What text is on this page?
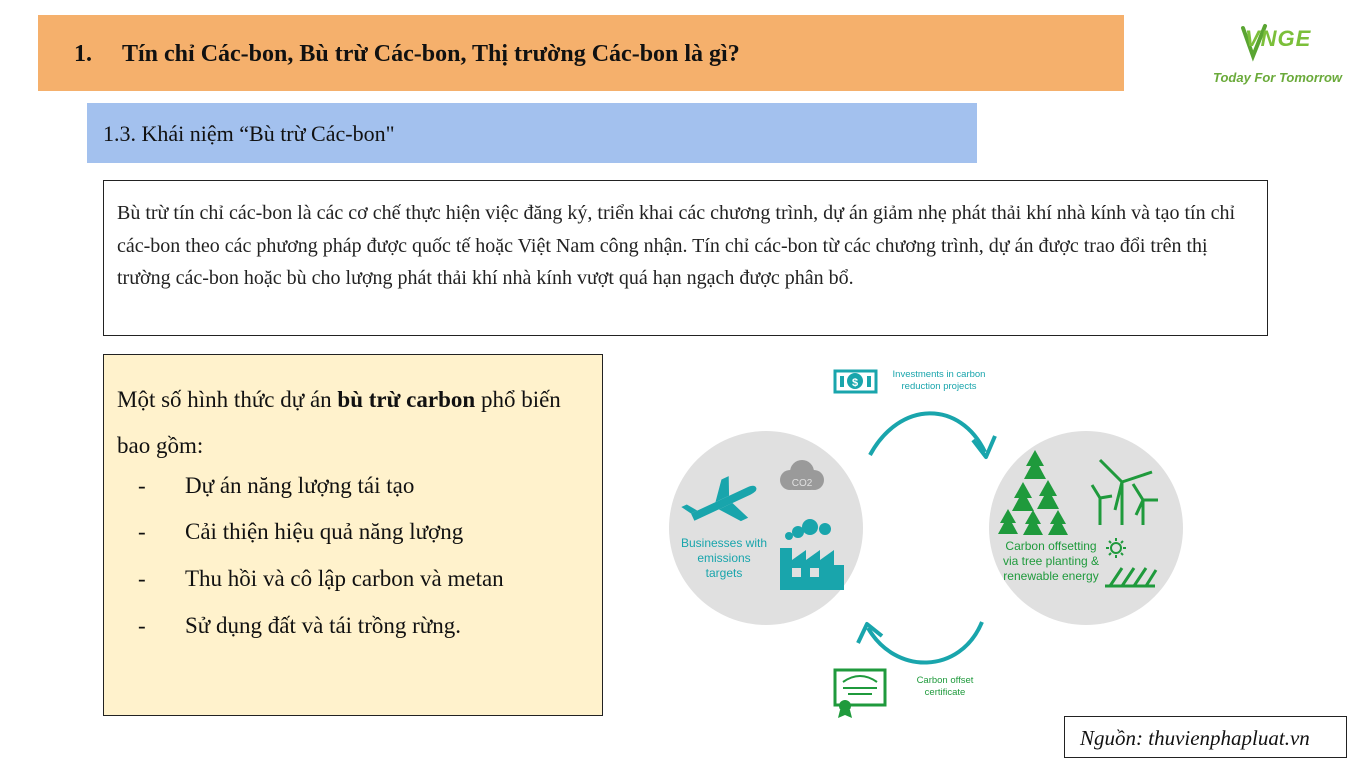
VNGE
Today For Tomorrow
1. Tín chỉ Các-bon, Bù trừ Các-bon, Thị trường Các-bon là gì?
1.3. Khái niệm “Bù trừ Các-bon"

Bù trừ tín chỉ các-bon là các cơ chế thực hiện việc đăng ký, triển khai các chương trình, dự án giảm nhẹ phát thải khí nhà kính và tạo tín chỉ các-bon theo các phương pháp được quốc tế hoặc Việt Nam công nhận. Tín chỉ các-bon từ các chương trình, dự án được trao đổi trên thị trường các-bon hoặc bù cho lượng phát thải khí nhà kính vượt quá hạn ngạch được phân bổ.

Một số hình thức dự án bù trừ carbon phổ biến bao gồm:
- Dự án năng lượng tái tạo
- Cải thiện hiệu quả năng lượng
- Thu hồi và cô lập carbon và metan
- Sử dụng đất và tái trồng rừng.
$
CO2
Investments in carbon
reduction projects
Businesses with
emissions
targets
Carbon offsetting
via tree planting &
renewable energy
Carbon offset
certificate
Nguồn: thuvienphapluat.vn
